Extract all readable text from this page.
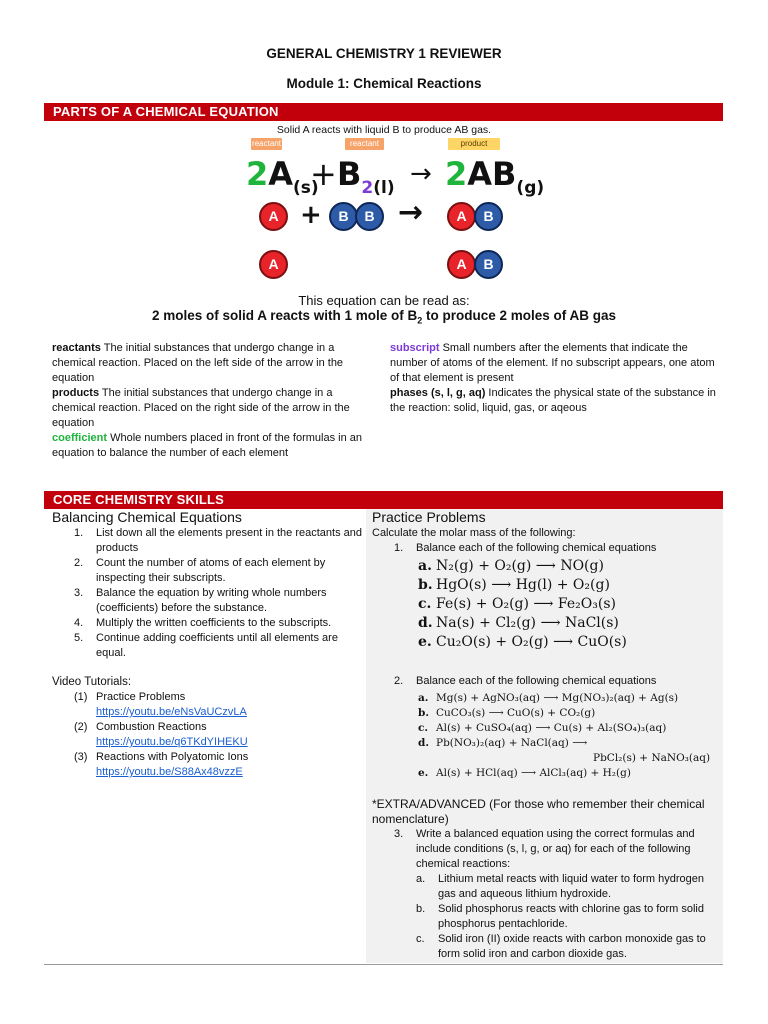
GENERAL CHEMISTRY 1 REVIEWER
Module 1: Chemical Reactions
PARTS OF A CHEMICAL EQUATION
Solid A reacts with liquid B to produce AB gas.
reactant	reactant	product
$2A_{(s)}$
+ $B_{2(l)} \to 2AB_{(g)}$
A +	B	B →	A	B
A	A	B
This equation can be read as:
2 moles of solid A reacts with 1 mole of $B_2$ to produce 2 moles of AB gas
reactants The initial substances that undergo change in a chemical reaction. Placed on the left side of the arrow in the equation
products The initial substances that undergo change in a chemical reaction. Placed on the right side of the arrow in the equation
coefficient Whole numbers placed in front of the formulas in an equation to balance the number of each element
subscript Small numbers after the elements that indicate the number of atoms of the element. If no subscript appears, one atom of that element is present
phases (s, l, g, aq) Indicates the physical state of the substance in the reaction: solid, liquid, gas, or aqeous
CORE CHEMISTRY SKILLS
Balancing Chemical Equations
1. List down all the elements present in the reactants and products
2. Count the number of atoms of each element by inspecting their subscripts.
3. Balance the equation by writing whole numbers (coefficients) before the substance.
4. Multiply the written coefficients to the subscripts.
5. Continue adding coefficients until all elements are equal.
Video Tutorials:
(1) Practice Problems
https://youtu.be/eNsVaUCzvLA
(2) Combustion Reactions
https://youtu.be/q6TKdYIHEKU
(3) Reactions with Polyatomic Ions
https://youtu.be/S88Ax48vzzE
Practice Problems
Calculate the molar mass of the following:
1. Balance each of the following chemical equations
a. N₂(g) + O₂(g) ⟶ NO(g)
b. HgO(s) ⟶ Hg(l) + O₂(g)
c. Fe(s) + O₂(g) ⟶ Fe₂O₃(s)
d. Na(s) + Cl₂(g) ⟶ NaCl(s)
e. Cu₂O(s) + O₂(g) ⟶ CuO(s)
2. Balance each of the following chemical equations
a. Mg(s) + AgNO₃(aq) ⟶ Mg(NO₃)₂(aq) + Ag(s)
b. CuCO₃(s) ⟶ CuO(s) + CO₂(g)
c. Al(s) + CuSO₄(aq) ⟶ Cu(s) + Al₂(SO₄)₃(aq)
d. Pb(NO₃)₂(aq) + NaCl(aq) ⟶
PbCl₂(s) + NaNO₃(aq)
e. Al(s) + HCl(aq) ⟶ AlCl₃(aq) + H₂(g)
*EXTRA/ADVANCED (For those who remember their chemical nomenclature)
3. Write a balanced equation using the correct formulas and include conditions (s, l, g, or aq) for each of the following chemical reactions:
a. Lithium metal reacts with liquid water to form hydrogen gas and aqueous lithium hydroxide.
b. Solid phosphorus reacts with chlorine gas to form solid phosphorus pentachloride.
c. Solid iron (II) oxide reacts with carbon monoxide gas to form solid iron and carbon dioxide gas.
